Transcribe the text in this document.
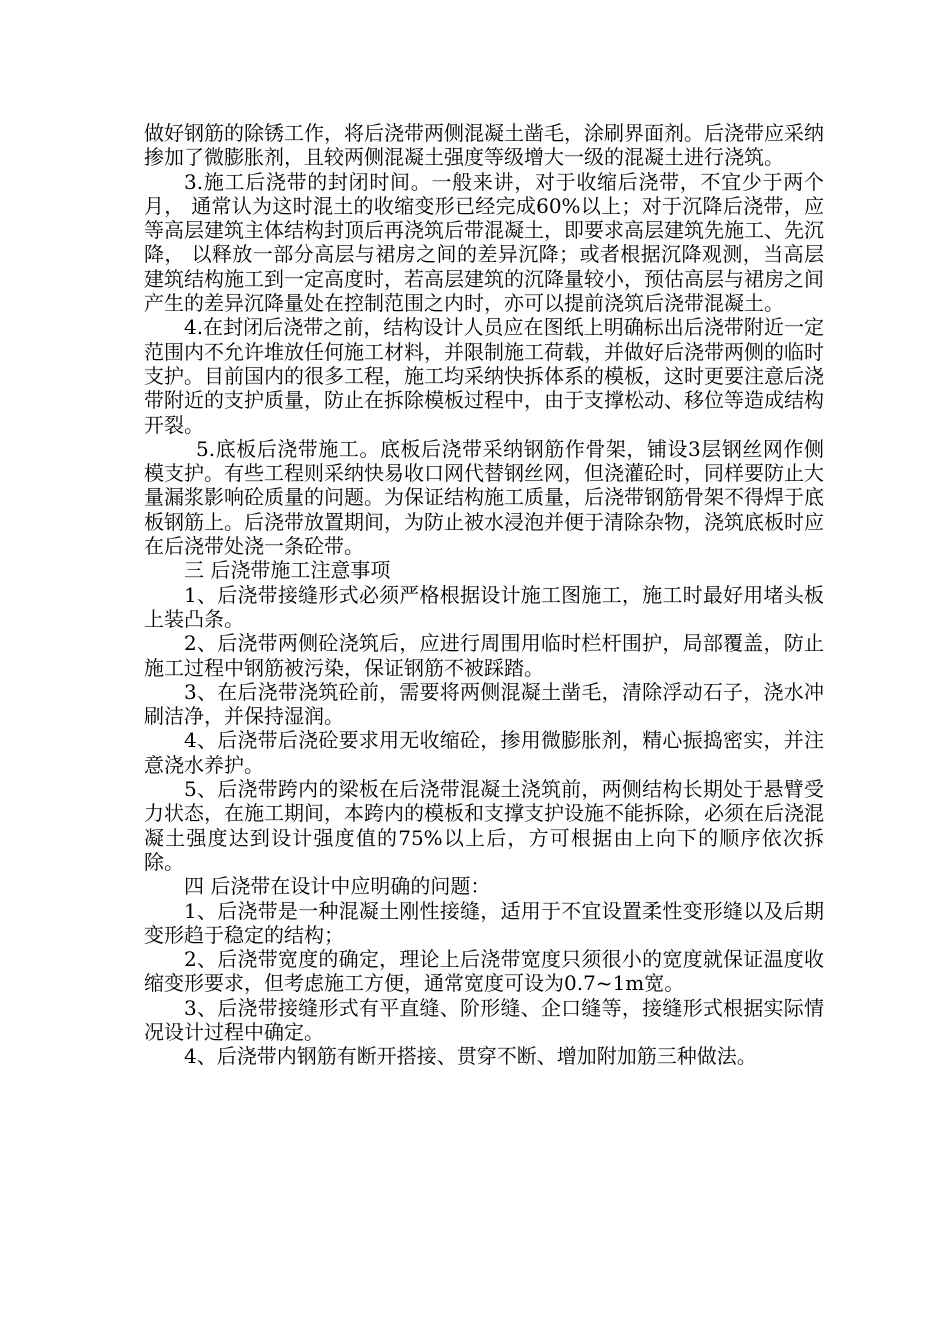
做好钢筋的除锈工作，将后浇带两侧混凝土凿毛，涂刷界面剂。后浇带应采纳掺加了微膨胀剂，且较两侧混凝土强度等级增大一级的混凝土进行浇筑。

3.施工后浇带的封闭时间。一般来讲，对于收缩后浇带，不宜少于两个月， 通常认为这时混土的收缩变形已经完成60%以上；对于沉降后浇带，应等高层建筑主体结构封顶后再浇筑后带混凝土，即要求高层建筑先施工、先沉降， 以释放一部分高层与裙房之间的差异沉降；或者根据沉降观测，当高层建筑结构施工到一定高度时，若高层建筑的沉降量较小，预估高层与裙房之间产生的差异沉降量处在控制范围之内时，亦可以提前浇筑后浇带混凝土。

4.在封闭后浇带之前，结构设计人员应在图纸上明确标出后浇带附近一定范围内不允许堆放任何施工材料，并限制施工荷载，并做好后浇带两侧的临时支护。目前国内的很多工程，施工均采纳快拆体系的模板，这时更要注意后浇带附近的支护质量，防止在拆除模板过程中，由于支撑松动、移位等造成结构开裂。

5.底板后浇带施工。底板后浇带采纳钢筋作骨架，铺设3层钢丝网作侧模支护。有些工程则采纳快易收口网代替钢丝网，但浇灌砼时，同样要防止大量漏浆影响砼质量的问题。为保证结构施工质量，后浇带钢筋骨架不得焊于底板钢筋上。后浇带放置期间，为防止被水浸泡并便于清除杂物，浇筑底板时应在后浇带处浇一条砼带。

三 后浇带施工注意事项

1、后浇带接缝形式必须严格根据设计施工图施工，施工时最好用堵头板上装凸条。

2、后浇带两侧砼浇筑后，应进行周围用临时栏杆围护，局部覆盖，防止施工过程中钢筋被污染，保证钢筋不被踩踏。

3、在后浇带浇筑砼前，需要将两侧混凝土凿毛，清除浮动石子，浇水冲刷洁净，并保持湿润。

4、后浇带后浇砼要求用无收缩砼，掺用微膨胀剂，精心振捣密实，并注意浇水养护。

5、后浇带跨内的梁板在后浇带混凝土浇筑前，两侧结构长期处于悬臂受力状态，在施工期间，本跨内的模板和支撑支护设施不能拆除，必须在后浇混凝土强度达到设计强度值的75%以上后，方可根据由上向下的顺序依次拆除。

四 后浇带在设计中应明确的问题：

1、后浇带是一种混凝土刚性接缝，适用于不宜设置柔性变形缝以及后期变形趋于稳定的结构；

2、后浇带宽度的确定，理论上后浇带宽度只须很小的宽度就保证温度收缩变形要求，但考虑施工方便，通常宽度可设为0.7~1m宽。

3、后浇带接缝形式有平直缝、阶形缝、企口缝等，接缝形式根据实际情况设计过程中确定。

4、后浇带内钢筋有断开搭接、贯穿不断、增加附加筋三种做法。
